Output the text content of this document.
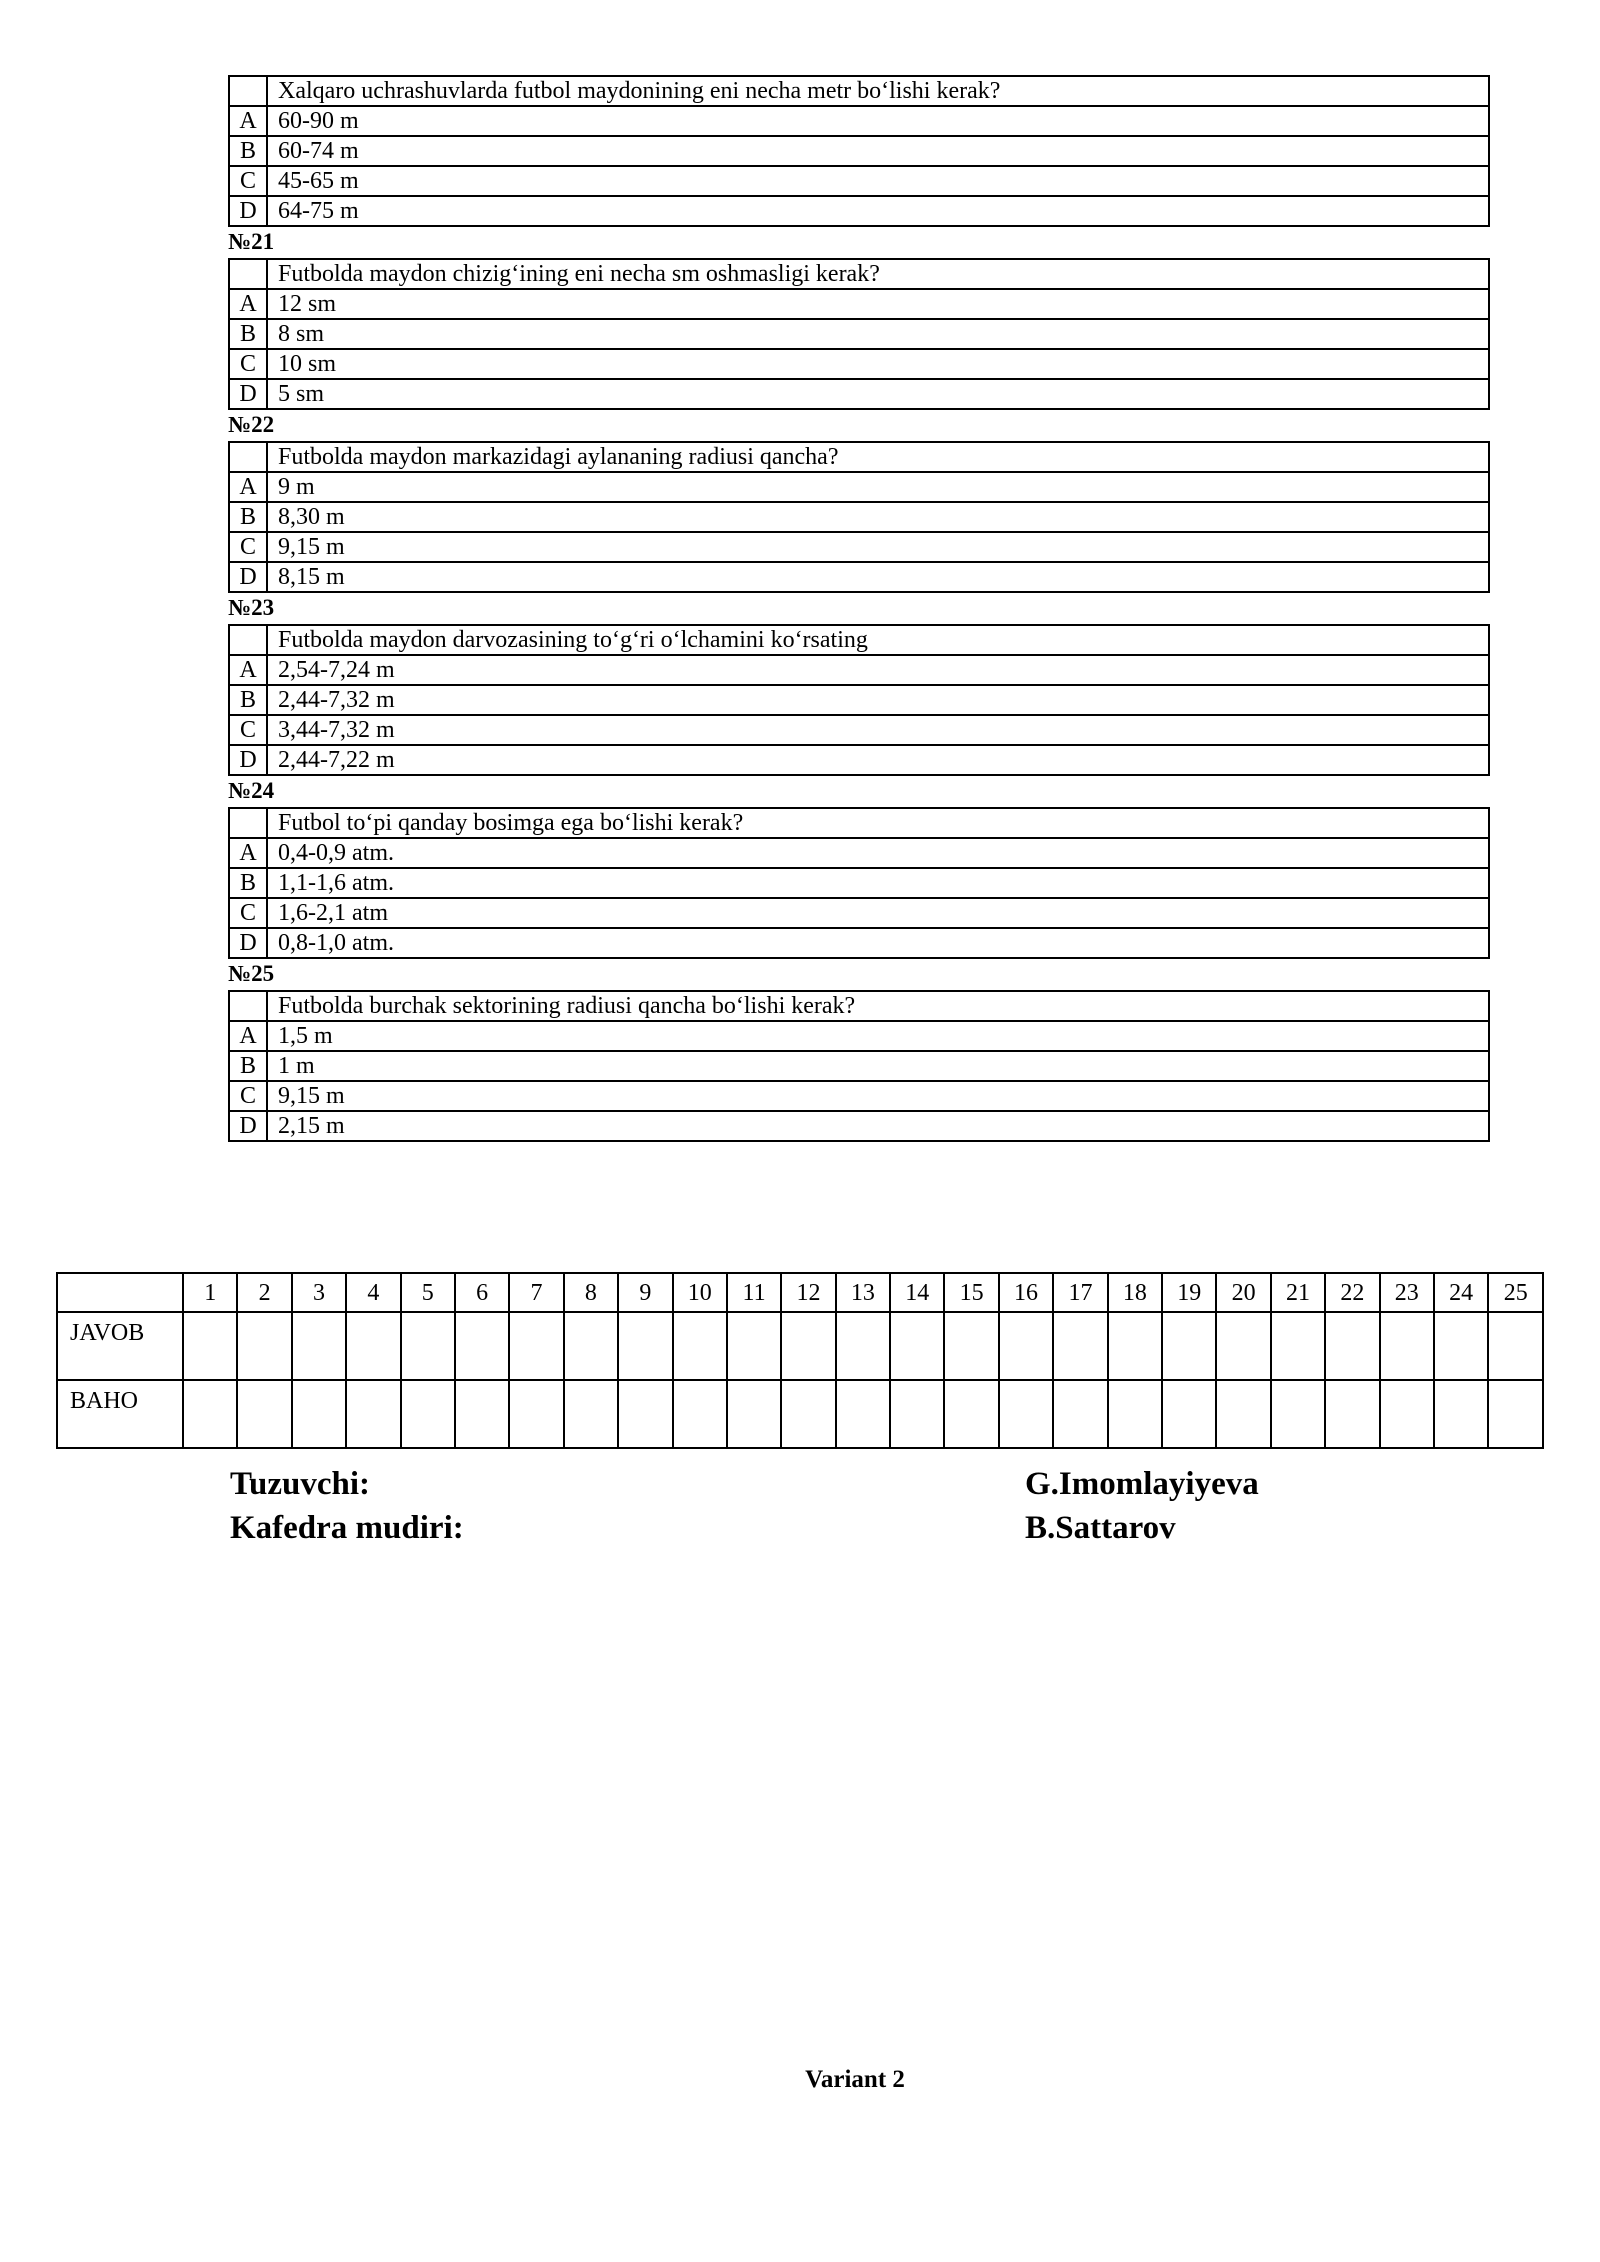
	Xalqaro uchrashuvlarda futbol maydonining eni necha metr bo‘lishi kerak?
A	60-90 m
B	60-74 m
C	45-65 m
D	64-75 m
№21
	Futbolda maydon chizig‘ining eni necha sm oshmasligi kerak?
A	12 sm
B	8 sm
C	10 sm
D	5 sm
№22
	Futbolda maydon markazidagi aylananing radiusi qancha?
A	9 m
B	8,30 m
C	9,15 m
D	8,15 m
№23
	Futbolda maydon darvozasining to‘g‘ri o‘lchamini ko‘rsating
A	2,54-7,24 m
B	2,44-7,32 m
C	3,44-7,32 m
D	2,44-7,22 m
№24
	Futbol to‘pi qanday bosimga ega bo‘lishi kerak?
A	0,4-0,9 atm.
B	1,1-1,6 atm.
C	1,6-2,1 atm
D	0,8-1,0 atm.
№25
	Futbolda burchak sektorining radiusi qancha bo‘lishi kerak?
A	1,5 m
B	1 m
C	9,15 m
D	2,15 m
	1	2	3	4	5	6	7	8	9	10	11	12	13	14	15	16	17	18	19	20	21	22	23	24	25
JAVOB																									
BAHO																									
Tuzuvchi:	G.Imomlayiyeva
Kafedra mudiri:	B.Sattarov
Variant 2
